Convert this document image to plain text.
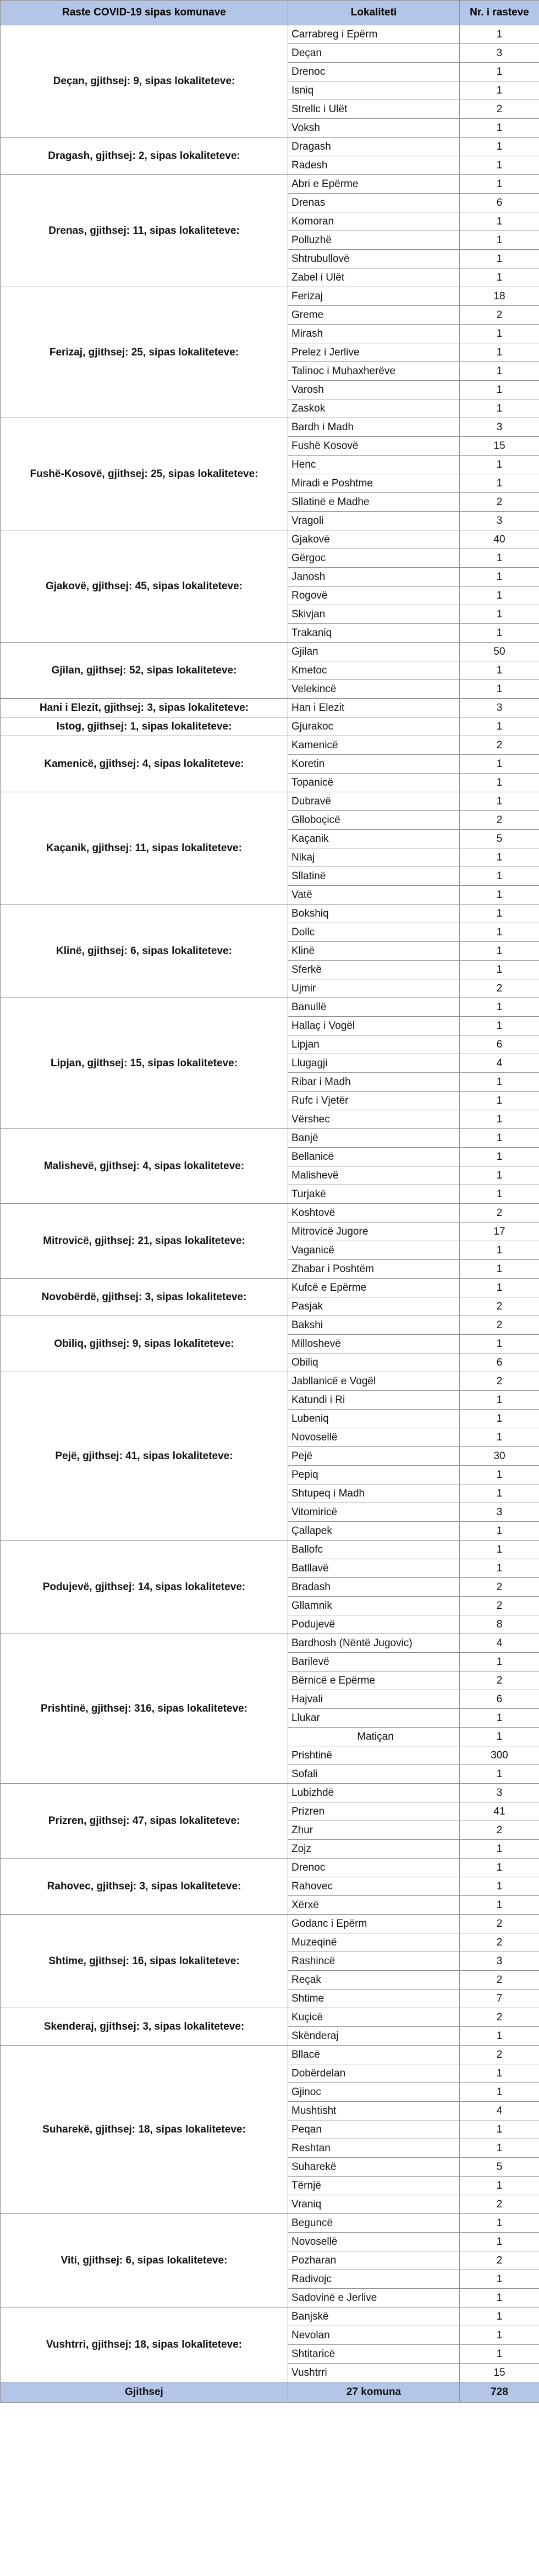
Raste COVID-19 sipas komunave	Lokaliteti	Nr. i rasteve
Deçan, gjithsej: 9, sipas lokaliteteve:	Carrabreg i Epërm	1
	Deçan	3
	Drenoc	1
	Isniq	1
	Strellc i Ulët	2
	Voksh	1
Dragash, gjithsej: 2, sipas lokaliteteve:	Dragash	1
	Radesh	1
Drenas, gjithsej: 11, sipas lokaliteteve:	Abri e Epërme	1
	Drenas	6
	Komoran	1
	Polluzhë	1
	Shtrubullovë	1
	Zabel i Ulët	1
Ferizaj, gjithsej: 25, sipas lokaliteteve:	Ferizaj	18
	Greme	2
	Mirash	1
	Prelez i Jerlive	1
	Talinoc i Muhaxherëve	1
	Varosh	1
	Zaskok	1
Fushë-Kosovë, gjithsej: 25, sipas lokaliteteve:	Bardh i Madh	3
	Fushë Kosovë	15
	Henc	1
	Miradi e Poshtme	1
	Sllatinë e Madhe	2
	Vragoli	3
Gjakovë, gjithsej: 45, sipas lokaliteteve:	Gjakovë	40
	Gërgoc	1
	Janosh	1
	Rogovë	1
	Skivjan	1
	Trakaniq	1
Gjilan, gjithsej: 52, sipas lokaliteteve:	Gjilan	50
	Kmetoc	1
	Velekincë	1
Hani i Elezit, gjithsej: 3, sipas lokaliteteve:	Han i Elezit	3
Istog, gjithsej: 1, sipas lokaliteteve:	Gjurakoc	1
Kamenicë, gjithsej: 4, sipas lokaliteteve:	Kamenicë	2
	Koretin	1
	Topanicë	1
Kaçanik, gjithsej: 11, sipas lokaliteteve:	Dubravë	1
	Glloboçicë	2
	Kaçanik	5
	Nikaj	1
	Sllatinë	1
	Vatë	1
Klinë, gjithsej: 6, sipas lokaliteteve:	Bokshiq	1
	Dollc	1
	Klinë	1
	Sferkë	1
	Ujmir	2
Lipjan, gjithsej: 15, sipas lokaliteteve:	Banullë	1
	Hallaç i Vogël	1
	Lipjan	6
	Llugagji	4
	Ribar i Madh	1
	Rufc i Vjetër	1
	Vërshec	1
Malishevë, gjithsej: 4, sipas lokaliteteve:	Banjë	1
	Bellanicë	1
	Malishevë	1
	Turjakë	1
Mitrovicë, gjithsej: 21, sipas lokaliteteve:	Koshtovë	2
	Mitrovicë Jugore	17
	Vaganicë	1
	Zhabar i Poshtëm	1
Novobërdë, gjithsej: 3, sipas lokaliteteve:	Kufcë e Epërme	1
	Pasjak	2
Obiliq, gjithsej: 9, sipas lokaliteteve:	Bakshi	2
	Milloshevë	1
	Obiliq	6
Pejë, gjithsej: 41, sipas lokaliteteve:	Jabllanicë e Vogël	2
	Katundi i Ri	1
	Lubeniq	1
	Novosellë	1
	Pejë	30
	Pepiq	1
	Shtupeq i Madh	1
	Vitomiricë	3
	Çallapek	1
Podujevë, gjithsej: 14, sipas lokaliteteve:	Ballofc	1
	Batllavë	1
	Bradash	2
	Gllamnik	2
	Podujevë	8
Prishtinë, gjithsej: 316, sipas lokaliteteve:	Bardhosh (Nëntë Jugovic)	4
	Barilevë	1
	Bërnicë e Epërme	2
	Hajvali	6
	Llukar	1
	Matiçan	1
	Prishtinë	300
	Sofali	1
Prizren, gjithsej: 47, sipas lokaliteteve:	Lubizhdë	3
	Prizren	41
	Zhur	2
	Zojz	1
Rahovec, gjithsej: 3, sipas lokaliteteve:	Drenoc	1
	Rahovec	1
	Xërxë	1
Shtime, gjithsej: 16, sipas lokaliteteve:	Godanc i Epërm	2
	Muzeqinë	2
	Rashincë	3
	Reçak	2
	Shtime	7
Skenderaj, gjithsej: 3, sipas lokaliteteve:	Kuçicë	2
	Skënderaj	1
Suharekë, gjithsej: 18, sipas lokaliteteve:	Bllacë	2
	Dobërdelan	1
	Gjinoc	1
	Mushtisht	4
	Peqan	1
	Reshtan	1
	Suharekë	5
	Tërnjë	1
	Vraniq	2
Viti, gjithsej: 6, sipas lokaliteteve:	Beguncë	1
	Novosellë	1
	Pozharan	2
	Radivojc	1
	Sadovinë e Jerlive	1
Vushtrri, gjithsej: 18, sipas lokaliteteve:	Banjskë	1
	Nevolan	1
	Shtitaricë	1
	Vushtrri	15
Gjithsej	27 komuna	728
